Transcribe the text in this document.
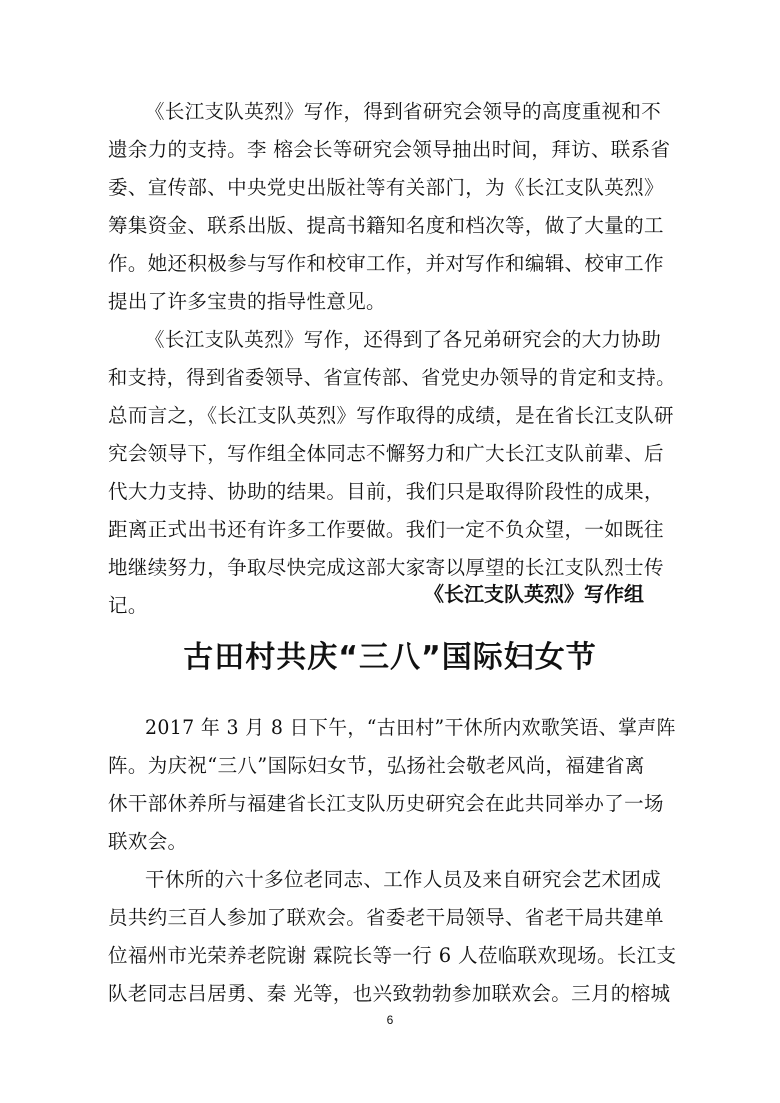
《长江支队英烈》写作，得到省研究会领导的高度重视和不
遗余力的支持。李 榕会长等研究会领导抽出时间，拜访、联系省
委、宣传部、中央党史出版社等有关部门，为《长江支队英烈》
筹集资金、联系出版、提高书籍知名度和档次等，做了大量的工
作。她还积极参与写作和校审工作，并对写作和编辑、校审工作
提出了许多宝贵的指导性意见。
《长江支队英烈》写作，还得到了各兄弟研究会的大力协助
和支持，得到省委领导、省宣传部、省党史办领导的肯定和支持。
总而言之，《长江支队英烈》写作取得的成绩，是在省长江支队研
究会领导下，写作组全体同志不懈努力和广大长江支队前辈、后
代大力支持、协助的结果。目前，我们只是取得阶段性的成果，
距离正式出书还有许多工作要做。我们一定不负众望，一如既往
地继续努力，争取尽快完成这部大家寄以厚望的长江支队烈士传
记。	《长江支队英烈》写作组
古田村共庆“三八”国际妇女节
2017 年 3 月 8 日下午，“古田村”干休所内欢歌笑语、掌声阵
阵。为庆祝“三八”国际妇女节，弘扬社会敬老风尚，福建省离
休干部休养所与福建省长江支队历史研究会在此共同举办了一场
联欢会。
干休所的六十多位老同志、工作人员及来自研究会艺术团成
员共约三百人参加了联欢会。省委老干局领导、省老干局共建单
位福州市光荣养老院谢 霖院长等一行 6 人莅临联欢现场。长江支
队老同志吕居勇、秦 光等，也兴致勃勃参加联欢会。三月的榕城
6
